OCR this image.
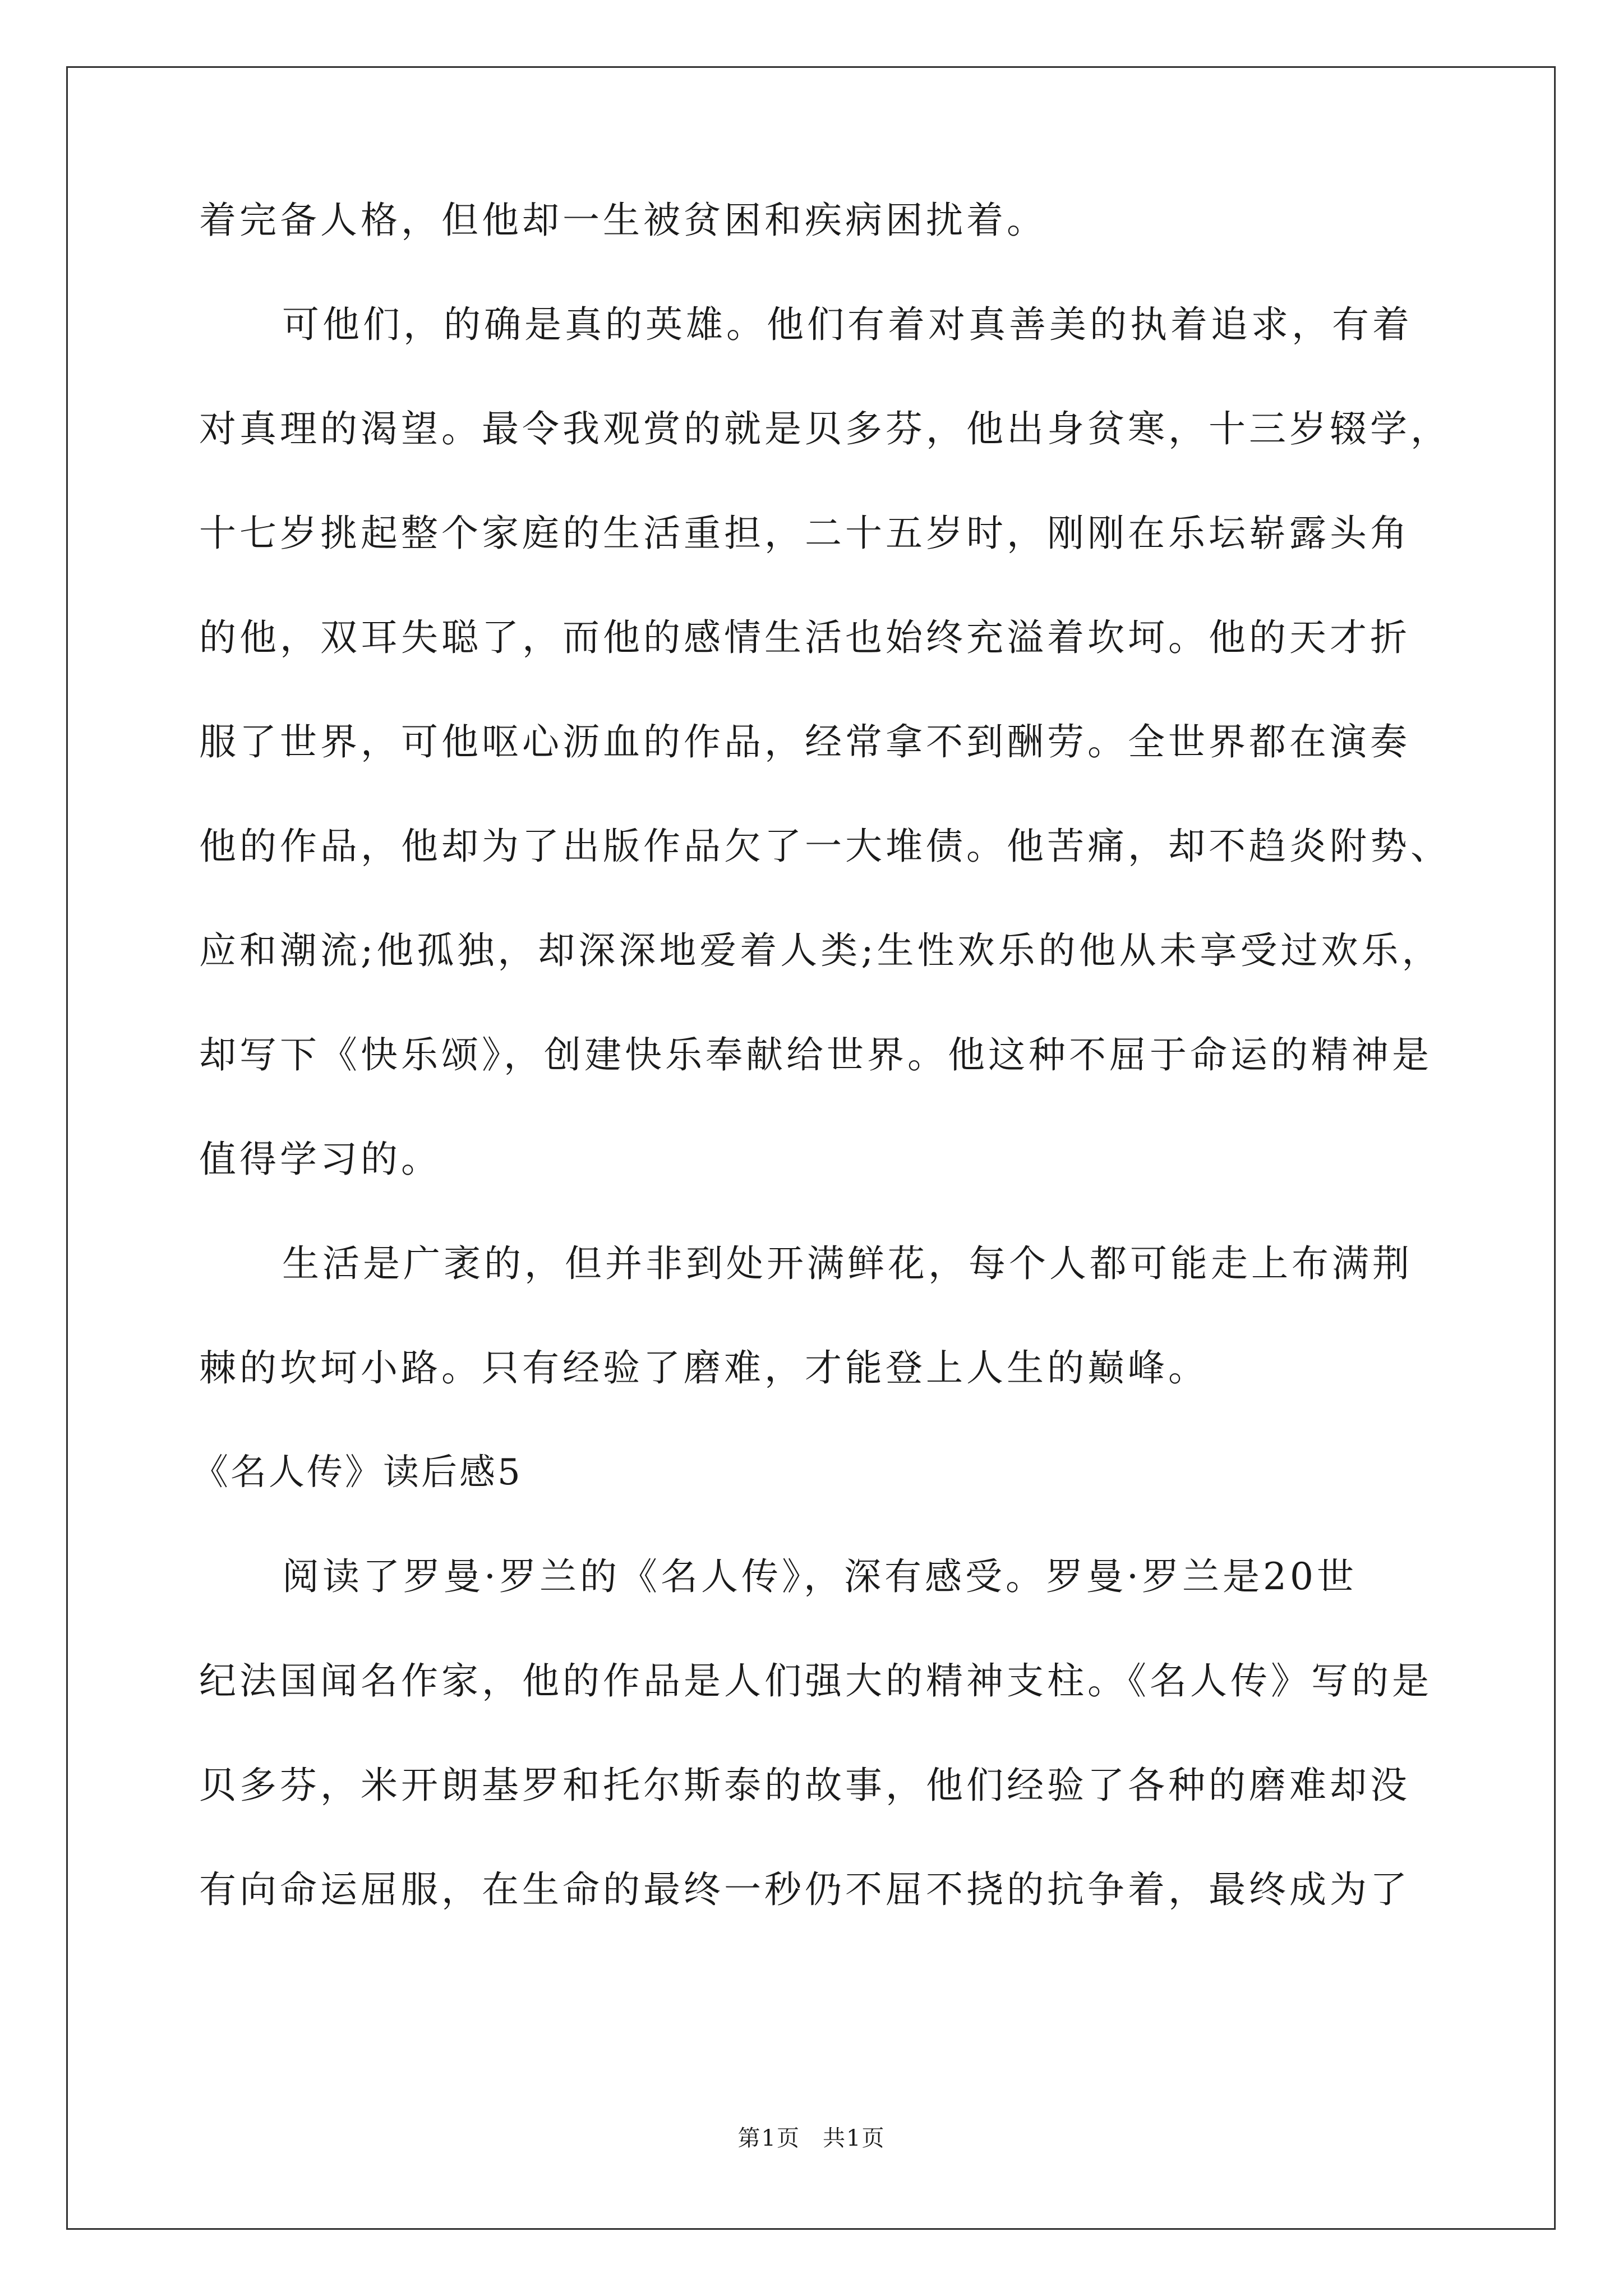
着完备人格，但他却一生被贫困和疾病困扰着。
可他们，的确是真的英雄。他们有着对真善美的执着追求，有着
对真理的渴望。最令我观赏的就是贝多芬，他出身贫寒，十三岁辍学，
十七岁挑起整个家庭的生活重担，二十五岁时，刚刚在乐坛崭露头角
的他，双耳失聪了，而他的感情生活也始终充溢着坎坷。他的天才折
服了世界，可他呕心沥血的作品，经常拿不到酬劳。全世界都在演奏
他的作品，他却为了出版作品欠了一大堆债。他苦痛，却不趋炎附势、
应和潮流;他孤独，却深深地爱着人类;生性欢乐的他从未享受过欢乐，
却写下《快乐颂》，创建快乐奉献给世界。他这种不屈于命运的精神是
值得学习的。
生活是广袤的，但并非到处开满鲜花，每个人都可能走上布满荆
棘的坎坷小路。只有经验了磨难，才能登上人生的巅峰。
《名人传》读后感5
阅读了罗曼·罗兰的《名人传》，深有感受。罗曼·罗兰是20世
纪法国闻名作家，他的作品是人们强大的精神支柱。《名人传》写的是
贝多芬，米开朗基罗和托尔斯泰的故事，他们经验了各种的磨难却没
有向命运屈服，在生命的最终一秒仍不屈不挠的抗争着，最终成为了
第1页 共1页
